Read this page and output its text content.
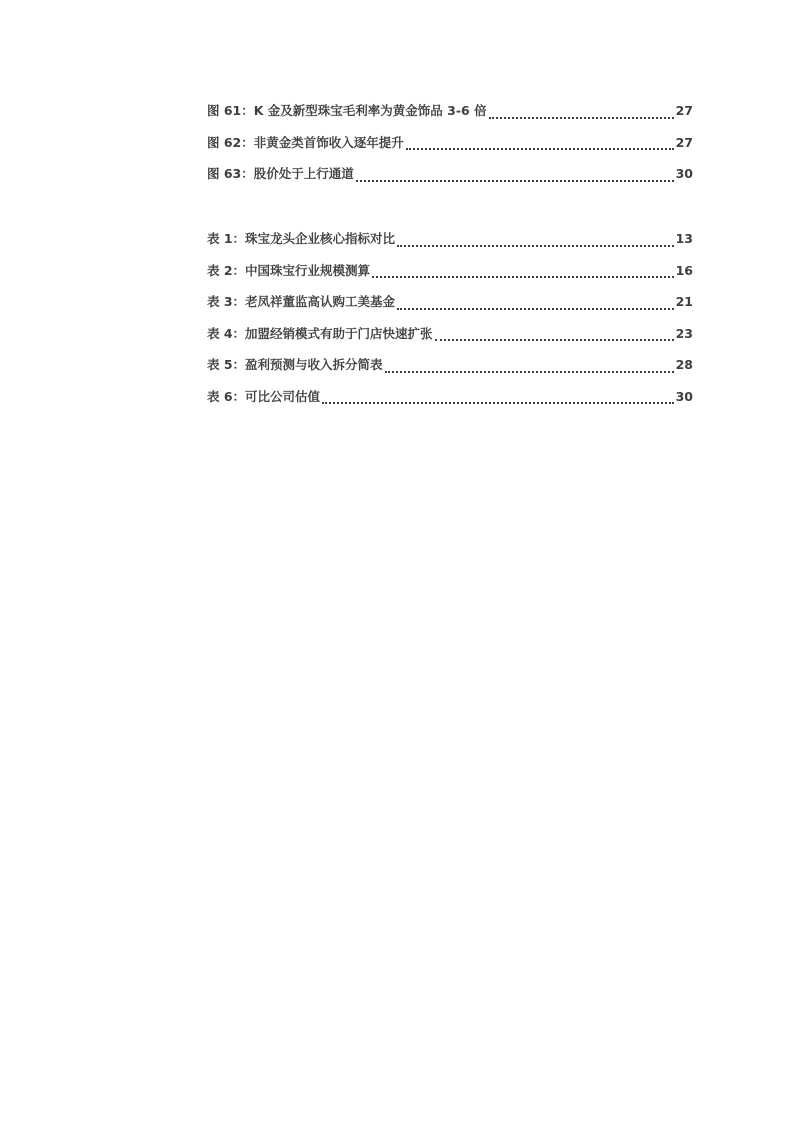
图 61：K 金及新型珠宝毛利率为黄金饰品 3-6 倍	27
图 62：非黄金类首饰收入逐年提升	27
图 63：股价处于上行通道	30
表 1：珠宝龙头企业核心指标对比	13
表 2：中国珠宝行业规模测算	16
表 3：老凤祥董监高认购工美基金	21
表 4：加盟经销模式有助于门店快速扩张	23
表 5：盈利预测与收入拆分简表	28
表 6：可比公司估值	30
